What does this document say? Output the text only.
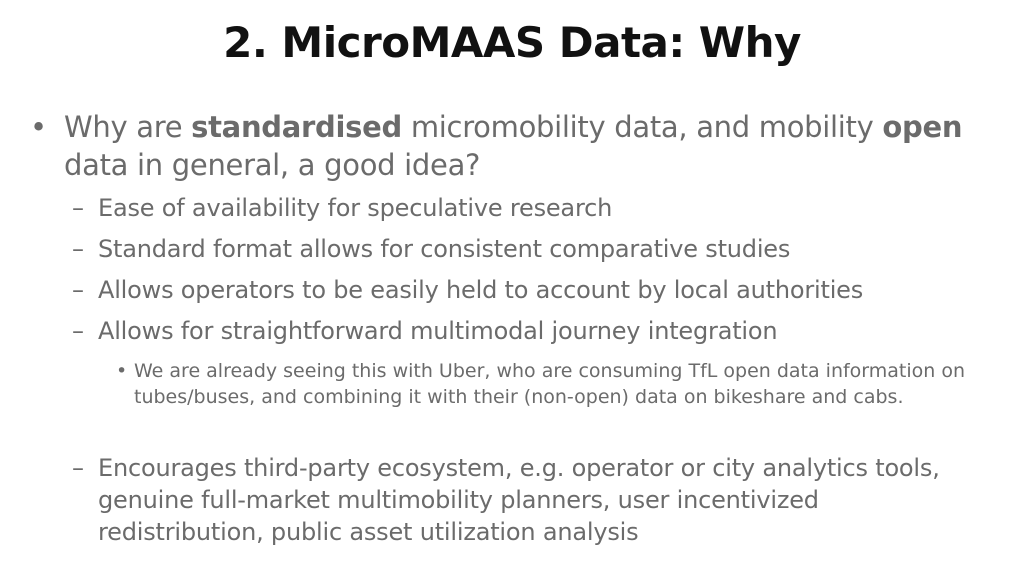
2. MicroMAAS Data: Why
• Why are standardised micromobility data, and mobility open data in general, a good idea?
– Ease of availability for speculative research
– Standard format allows for consistent comparative studies
– Allows operators to be easily held to account by local authorities
– Allows for straightforward multimodal journey integration
• We are already seeing this with Uber, who are consuming TfL open data information on tubes/buses, and combining it with their (non-open) data on bikeshare and cabs.
– Encourages third-party ecosystem, e.g. operator or city analytics tools, genuine full-market multimobility planners, user incentivized redistribution, public asset utilization analysis
